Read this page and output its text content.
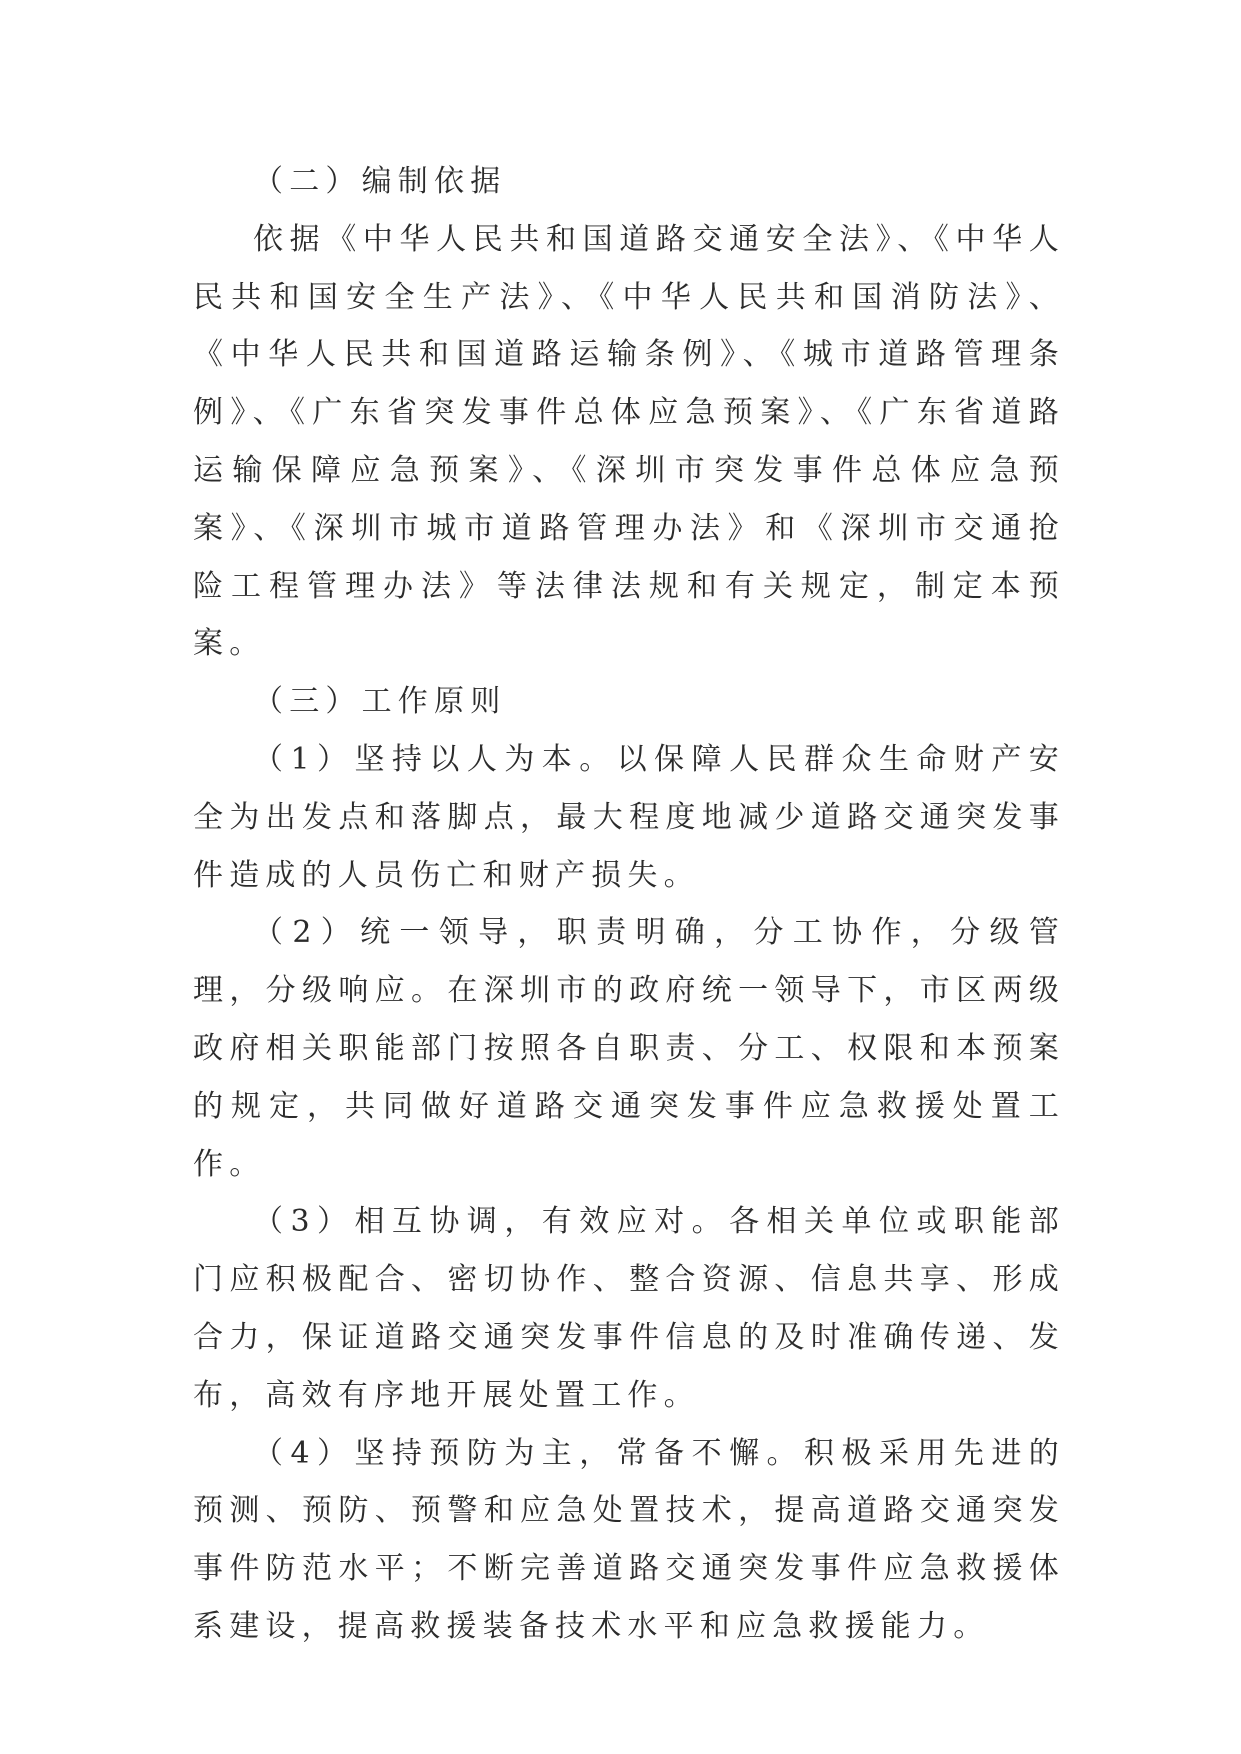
（二）编制依据

依据《中华人民共和国道路交通安全法》、《中华人民共和国安全生产法》、《中华人民共和国消防法》、《中华人民共和国道路运输条例》、《城市道路管理条例》、《广东省突发事件总体应急预案》、《广东省道路运输保障应急预案》、《深圳市突发事件总体应急预案》、《深圳市城市道路管理办法》和《深圳市交通抢险工程管理办法》等法律法规和有关规定，制定本预案。

（三）工作原则

（1）坚持以人为本。以保障人民群众生命财产安全为出发点和落脚点，最大程度地减少道路交通突发事件造成的人员伤亡和财产损失。

（2）统一领导，职责明确，分工协作，分级管理，分级响应。在深圳市的政府统一领导下，市区两级政府相关职能部门按照各自职责、分工、权限和本预案的规定，共同做好道路交通突发事件应急救援处置工作。

（3）相互协调，有效应对。各相关单位或职能部门应积极配合、密切协作、整合资源、信息共享、形成合力，保证道路交通突发事件信息的及时准确传递、发布，高效有序地开展处置工作。

（4）坚持预防为主，常备不懈。积极采用先进的预测、预防、预警和应急处置技术，提高道路交通突发事件防范水平；不断完善道路交通突发事件应急救援体系建设，提高救援装备技术水平和应急救援能力。
